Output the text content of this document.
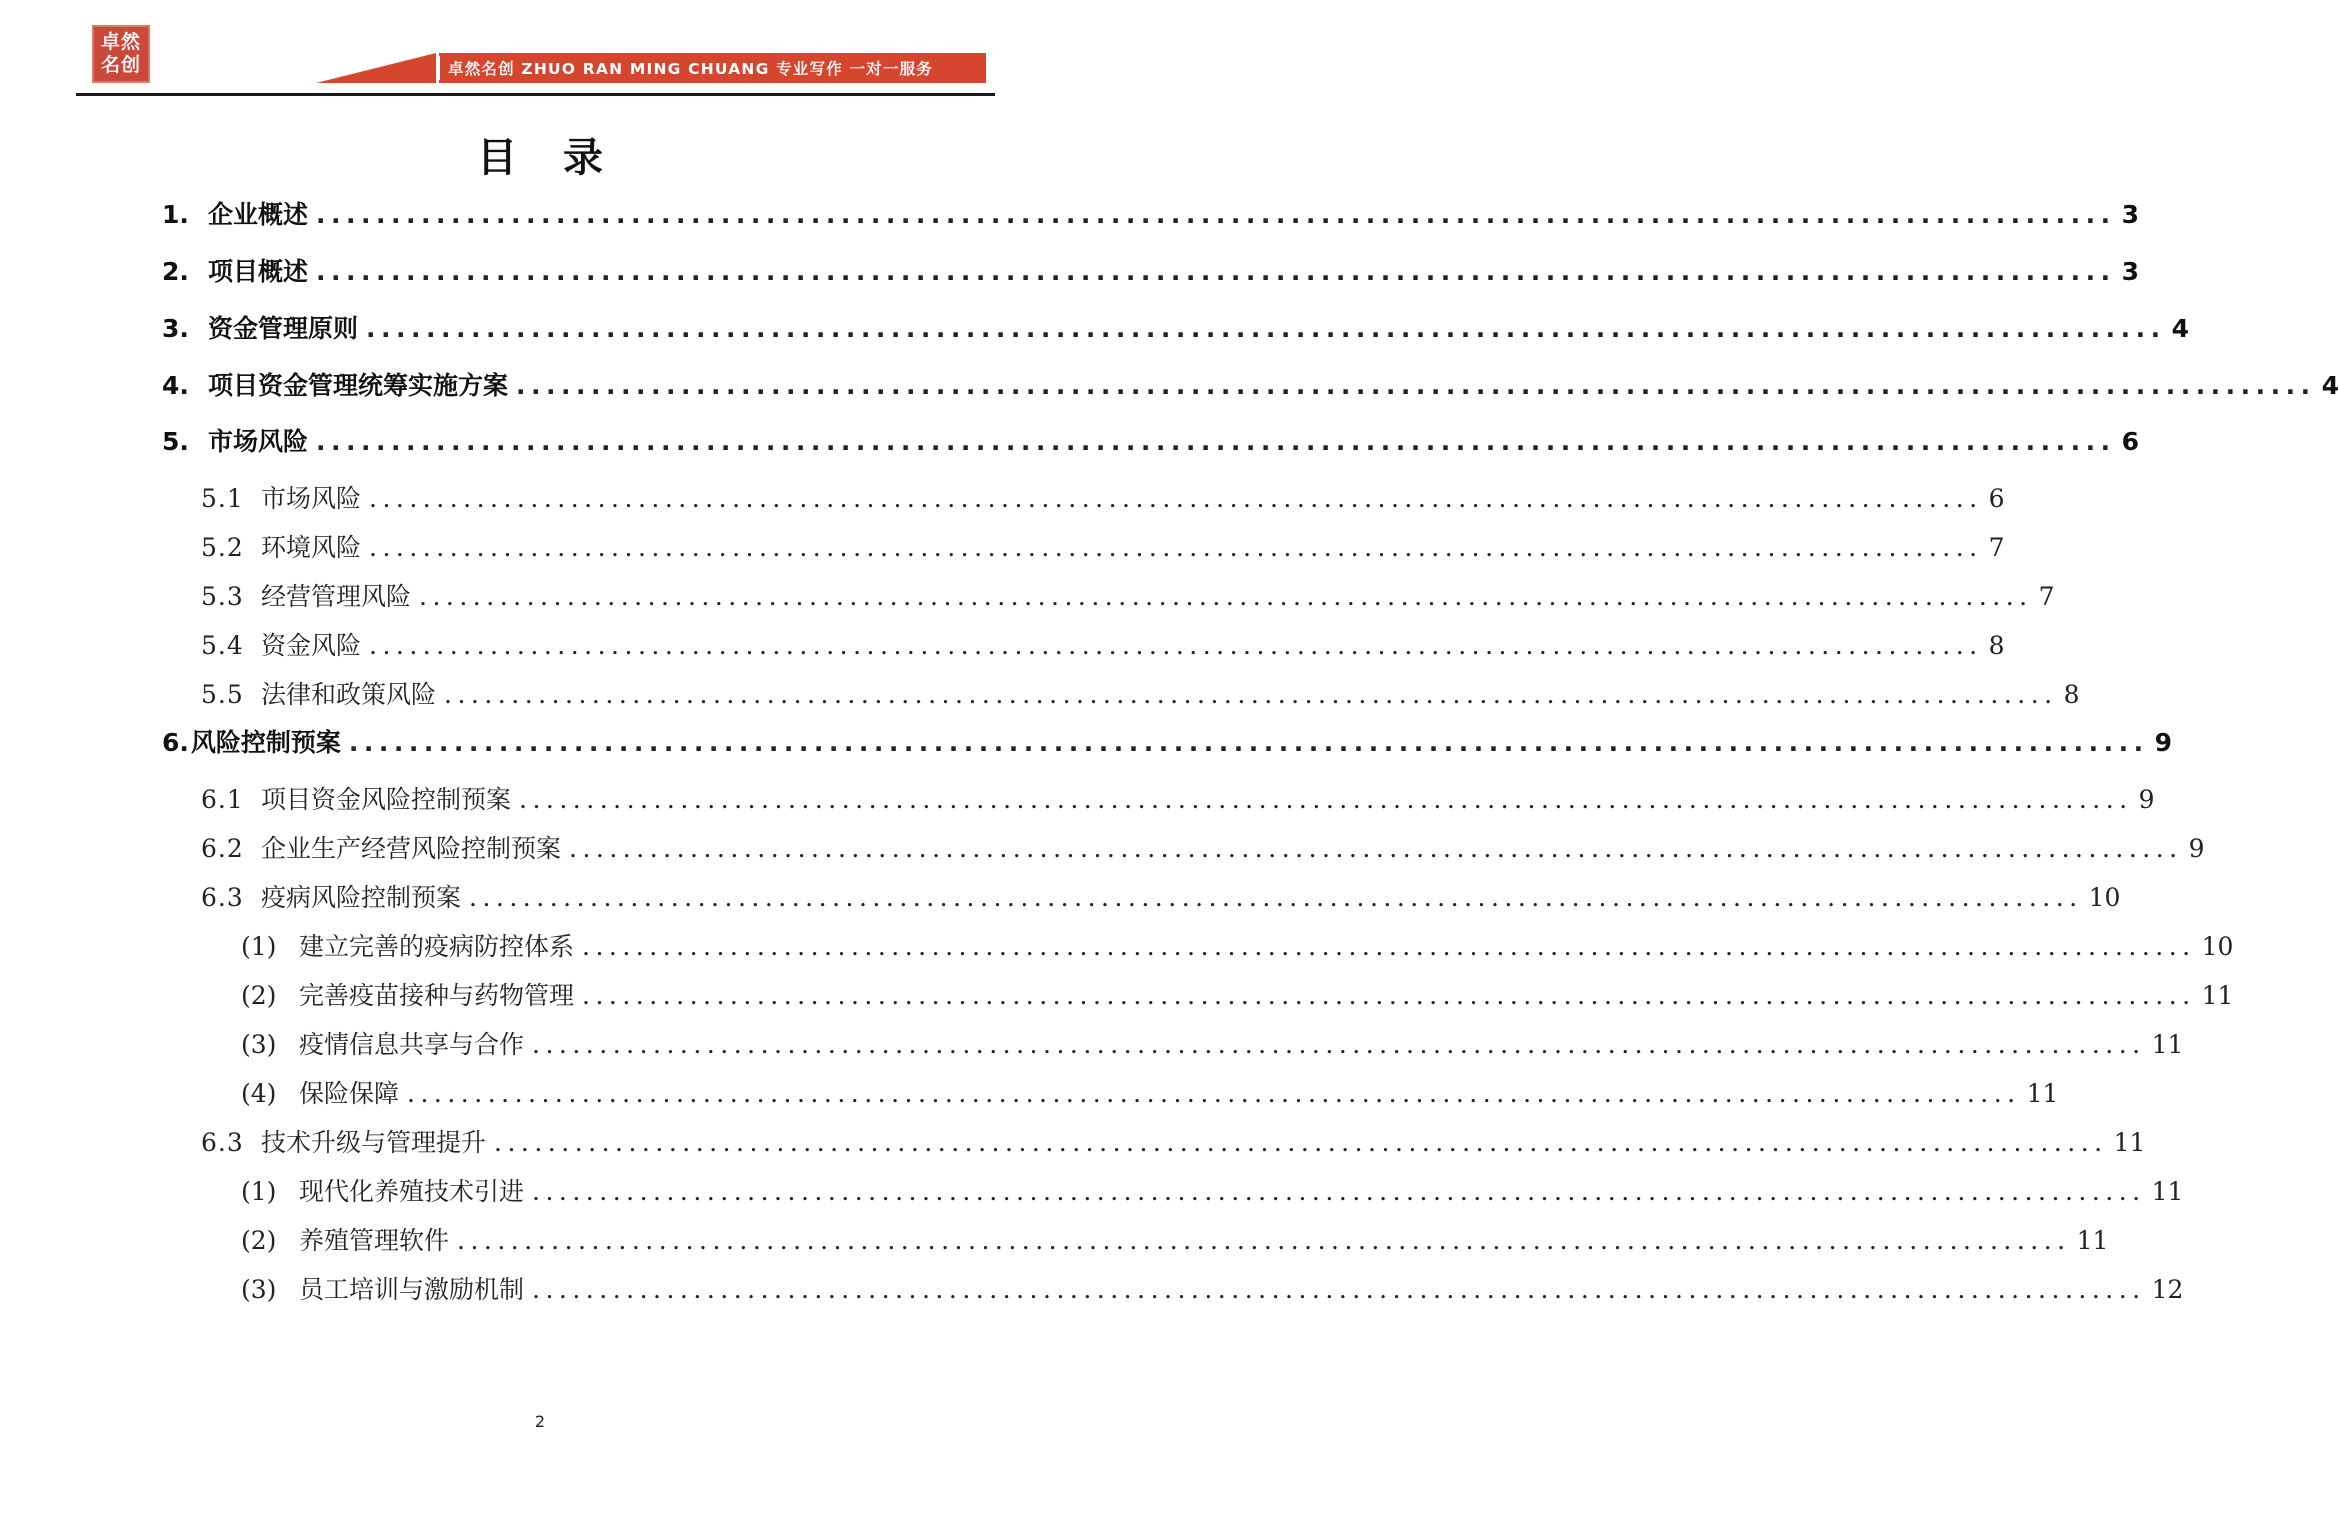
卓然
名创	卓然名创 ZHUO RAN MING CHUANG 专业写作 一对一服务
目录
1. 企业概述 ........................................................................................................................ 3
2. 项目概述 ........................................................................................................................ 3
3. 资金管理原则 ........................................................................................................................ 4
4. 项目资金管理统筹实施方案 ........................................................................................................................ 4
5. 市场风险 ........................................................................................................................ 6
5.1 市场风险 ........................................................................................................................ 6
5.2 环境风险 ........................................................................................................................ 7
5.3 经营管理风险 ........................................................................................................................ 7
5.4 资金风险 ........................................................................................................................ 8
5.5 法律和政策风险 ........................................................................................................................ 8
6. 风险控制预案 ........................................................................................................................ 9
6.1 项目资金风险控制预案 ........................................................................................................................ 9
6.2 企业生产经营风险控制预案 ........................................................................................................................ 9
6.3 疫病风险控制预案 ........................................................................................................................ 10
(1) 建立完善的疫病防控体系 ........................................................................................................................ 10
(2) 完善疫苗接种与药物管理 ........................................................................................................................ 11
(3) 疫情信息共享与合作 ........................................................................................................................ 11
(4) 保险保障 ........................................................................................................................ 11
6.3 技术升级与管理提升 ........................................................................................................................ 11
(1) 现代化养殖技术引进 ........................................................................................................................ 11
(2) 养殖管理软件 ........................................................................................................................ 11
(3) 员工培训与激励机制 ........................................................................................................................ 12
2
